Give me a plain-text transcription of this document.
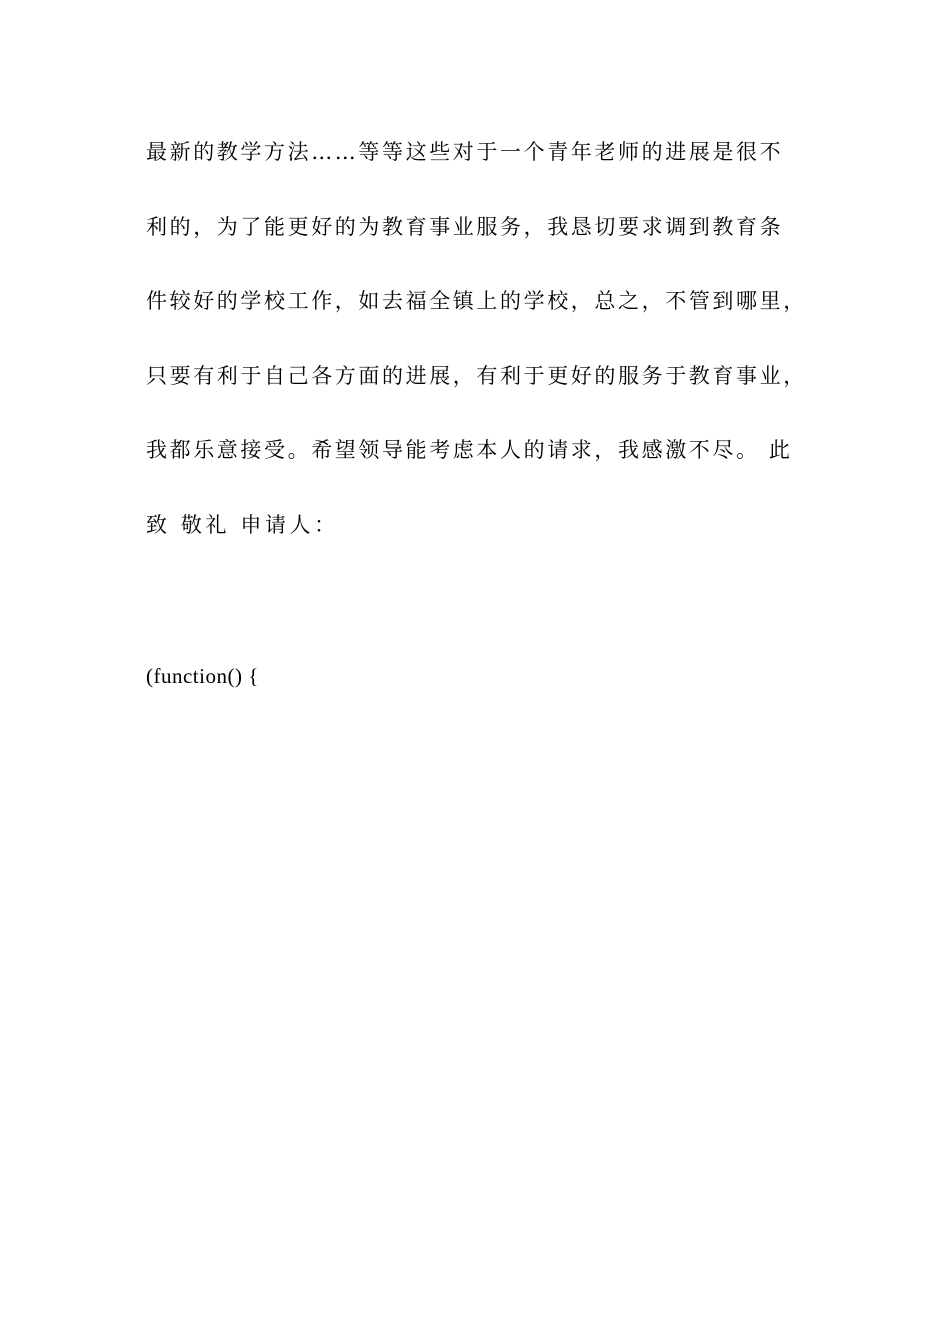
最新的教学方法……等等这些对于一个青年老师的进展是很不
利的，为了能更好的为教育事业服务，我恳切要求调到教育条
件较好的学校工作，如去福全镇上的学校，总之，不管到哪里，
只要有利于自己各方面的进展，有利于更好的服务于教育事业，
我都乐意接受。希望领导能考虑本人的请求，我感激不尽。 此
致 敬礼 申请人：
(function() {
